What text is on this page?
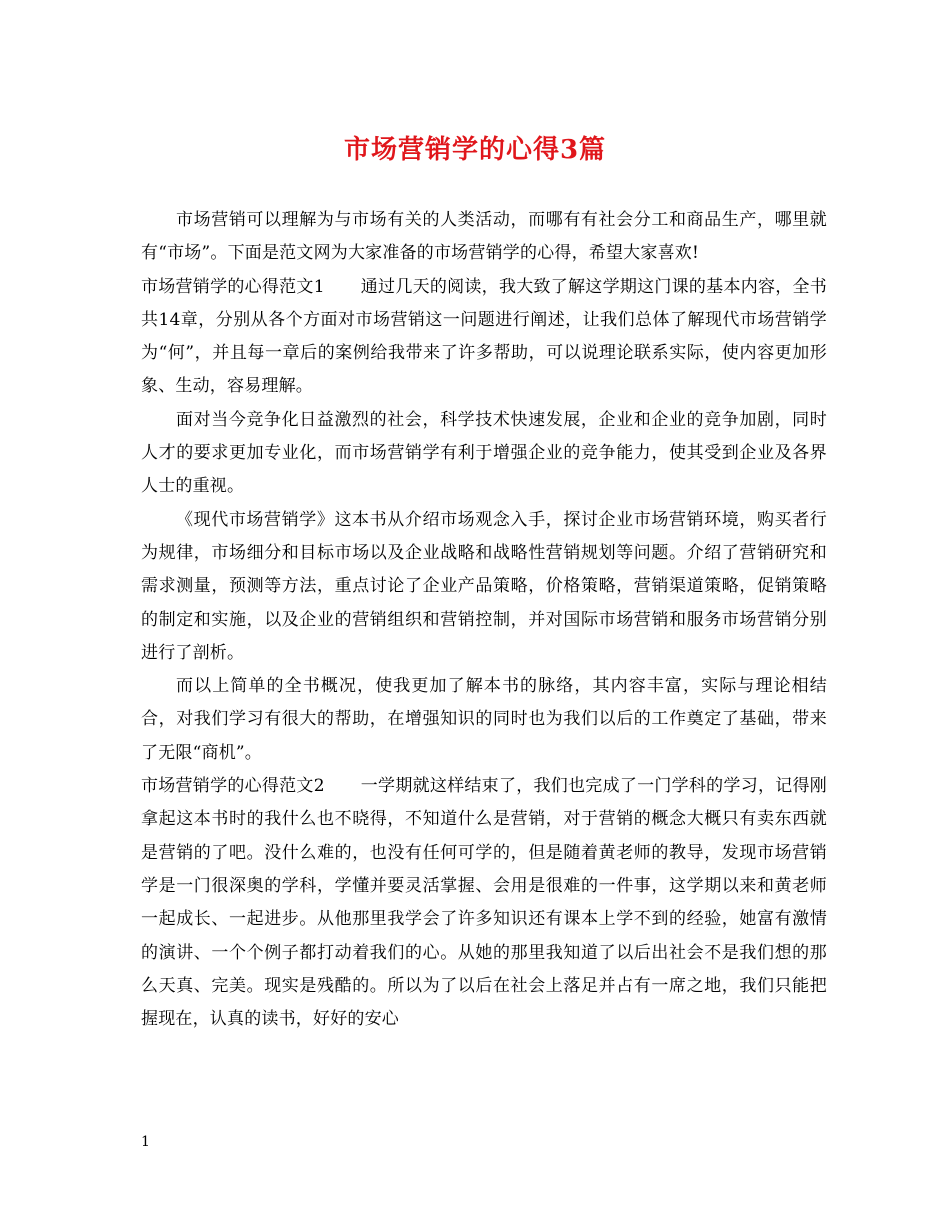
市场营销学的心得3篇

市场营销可以理解为与市场有关的人类活动，而哪有有社会分工和商品生产，哪里就有“市场”。下面是范文网为大家准备的市场营销学的心得，希望大家喜欢!

市场营销学的心得范文1 通过几天的阅读，我大致了解这学期这门课的基本内容，全书共14章，分别从各个方面对市场营销这一问题进行阐述，让我们总体了解现代市场营销学为“何”，并且每一章后的案例给我带来了许多帮助，可以说理论联系实际，使内容更加形象、生动，容易理解。

面对当今竞争化日益激烈的社会，科学技术快速发展，企业和企业的竞争加剧，同时人才的要求更加专业化，而市场营销学有利于增强企业的竞争能力，使其受到企业及各界人士的重视。

《现代市场营销学》这本书从介绍市场观念入手，探讨企业市场营销环境，购买者行为规律，市场细分和目标市场以及企业战略和战略性营销规划等问题。介绍了营销研究和需求测量，预测等方法，重点讨论了企业产品策略，价格策略，营销渠道策略，促销策略的制定和实施，以及企业的营销组织和营销控制，并对国际市场营销和服务市场营销分别进行了剖析。

而以上简单的全书概况，使我更加了解本书的脉络，其内容丰富，实际与理论相结合，对我们学习有很大的帮助，在增强知识的同时也为我们以后的工作奠定了基础，带来了无限“商机”。

市场营销学的心得范文2 一学期就这样结束了，我们也完成了一门学科的学习，记得刚拿起这本书时的我什么也不晓得，不知道什么是营销，对于营销的概念大概只有卖东西就是营销的了吧。没什么难的，也没有任何可学的，但是随着黄老师的教导，发现市场营销学是一门很深奥的学科，学懂并要灵活掌握、会用是很难的一件事，这学期以来和黄老师一起成长、一起进步。从他那里我学会了许多知识还有课本上学不到的经验，她富有激情的演讲、一个个例子都打动着我们的心。从她的那里我知道了以后出社会不是我们想的那么天真、完美。现实是残酷的。所以为了以后在社会上落足并占有一席之地，我们只能把握现在，认真的读书，好好的安心

1
